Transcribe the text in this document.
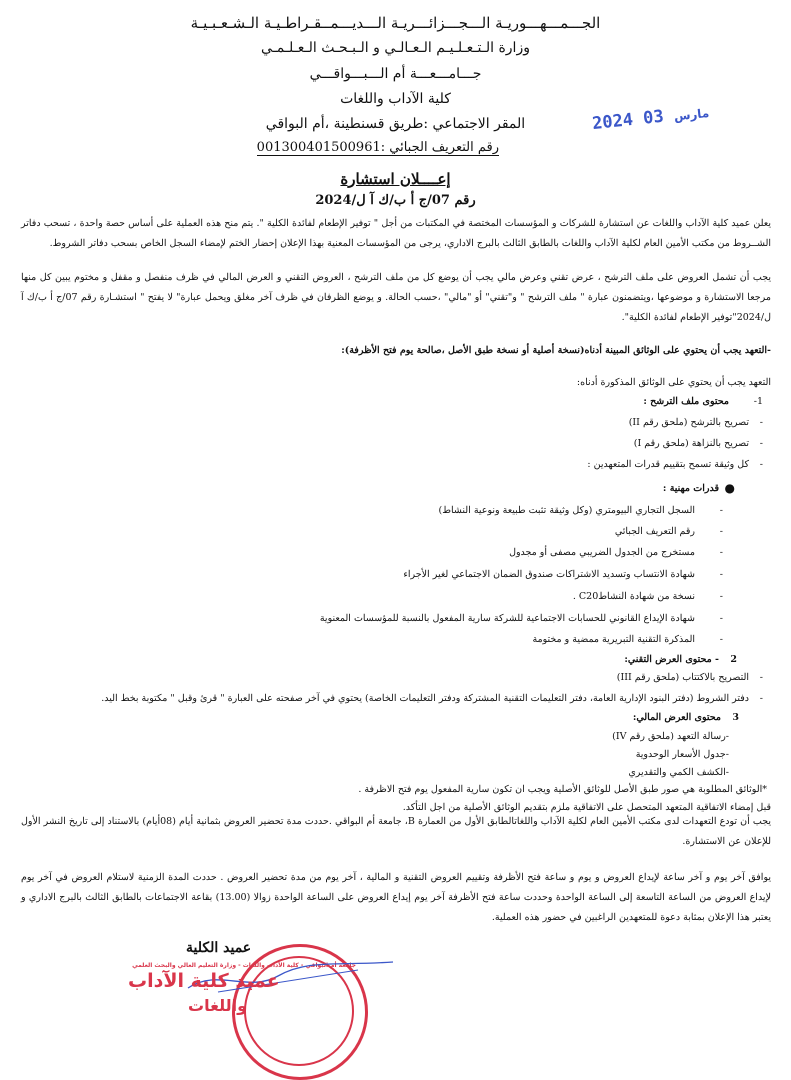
الجـــمـــهـــوريـة الـــجـــزائـــريـة الـــديـــمــقـراطـيـة الـشـعـبـيـة
وزارة الـتـعـلـيـم الـعـالـي و الـبـحـث الـعـلـمـي
جـــامـــعـــة أم الـــبـــواقـــي
كلية الآداب واللغات
المقر الاجتماعي :طريق قسنطينة ،أم البواقي
رقم التعريف الجبائي :001300401500961
2024	مارس 03
إعــــلان استشارة
رقم 07/ج أ ب/ك آ ل/2024
يعلن عميد كلية الآداب واللغات عن استشارة للشركات و المؤسسات المختصة في المكتبات من أجل " توفير الإطعام لفائدة الكلية ". يتم منح هذه العملية على أساس حصة واحدة ، تسحب دفاتر الشــروط من مكتب الأمين العام لكلية الآداب واللغات بالطابق الثالث بالبرج الاداري، يرجى من المؤسسات المعنية بهذا الإعلان إحضار الختم لإمضاء السجل الخاص بسحب دفاتر الشروط.
يجب أن تشمل العروض على ملف الترشح ، عرض تقني وعرض مالي يجب أن يوضع كل من ملف الترشح ، العروض التقني و العرض المالي في ظرف منفصل و مقفل و مختوم يبين كل منها مرجعا الاستشارة و موضوعها ،ويتضمنون عبارة " ملف الترشح " و"تقني" أو "مالي" ،حسب الحالة. و يوضع الظرفان في ظرف آخر مغلق ويحمل عبارة" لا يفتح " استشـارة رقم 07/ج أ ب/ك آ ل/2024"توفير الإطعام لفائدة الكلية".
-التعهد يجب أن يحتوي على الوثائق المبينة أدناه(نسخة أصلية أو نسخة طبق الأصل ،صالحة يوم فتح الأظرفة):
التعهد يجب أن يحتوي على الوثائق المذكورة أدناه:
1-
محتوى ملف الترشح :
-
تصريح بالترشح (ملحق رقم II)
-
تصريح بالنزاهة (ملحق رقم I)
-
كل وثيقة تسمح بتقييم قدرات المتعهدين :
●
قدرات مهنية :
-
السجل التجاري البيومتري (وكل وثيقة تثبت طبيعة ونوعية النشاط)
-
رقم التعريف الجبائي
-
مستخرج من الجدول الضريبي مصفى أو مجدول
-
شهادة الانتساب وتسديد الاشتراكات صندوق الضمان الاجتماعي لغير الأجراء
-
نسخة من شهادة النشاطC20 .
-
شهادة الإيداع القانوني للحسابات الاجتماعية للشركة سارية المفعول بالنسبة للمؤسسات المعنوية
-
المذكرة التقنية التبريرية ممضية و مختومة
2
- محتوى العرض التقني:
-
التصريح بالاكتتاب (ملحق رقم III)
-
دفتر الشروط (دفتر البنود الإدارية العامة، دفتر التعليمات التقنية المشتركة ودفتر التعليمات الخاصة) يحتوي في آخر صفحته على العبارة " قرئ وقبل " مكتوبة بخط اليد.
3
محتوى العرض المالي:
-رسالة التعهد (ملحق رقم IV)
-جدول الأسعار الوحدوية
-الكشف الكمي والتقديري
*الوثائق المطلوبة هي صور طبق الأصل للوثائق الأصلية ويجب ان تكون سارية المفعول يوم فتح الاظرفة .
قبل إمضاء الاتفاقية المتعهد المتحصل على الاتفاقية ملزم بتقديم الوثائق الأصلية من اجل التأكد.
يجب أن تودع التعهدات لدى مكتب الأمين العام لكلية الآداب واللغاتالطابق الأول من العمارة B، جامعة أم البواقي .حددت مدة تحضير العروض بثمانية أيام (08أيام) بالاستناد إلى تاريخ النشر الأول للإعلان عن الاستشارة.
يوافق آخر يوم و آخر ساعة لإيداع العروض و يوم و ساعة فتح الأظرفة وتقييم العروض التقنية و المالية ، آخر يوم من مدة تحضير العروض . حددت المدة الزمنية لاستلام العروض في آخر يوم لإيداع العروض من الساعة التاسعة إلى الساعة الواحدة وحددت ساعة فتح الأظرفة آخر يوم إيداع العروض على الساعة الواحدة زوالا (13.00) بقاعة الاجتماعات بالطابق الثالث بالبرج الاداري و يعتبر هذا الإعلان بمثابة دعوة للمتعهدين الراغبين في حضور هذه العملية.
عميد الكلية
جامعة أم البواقي - كلية الآداب واللغات - وزارة التعليم العالي والبحث العلمي
عميد كلية الآداب
واللغات
